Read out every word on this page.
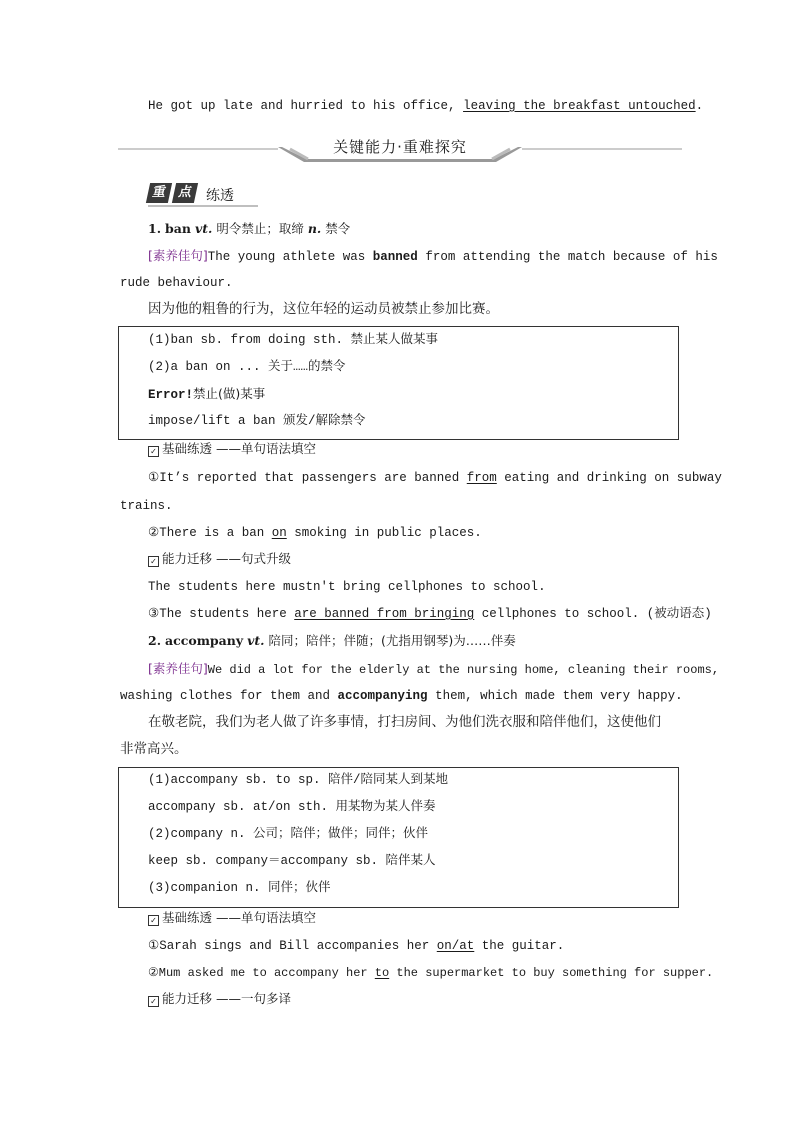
He got up late and hurried to his office, leaving the breakfast untouched.
关键能力·重难探究
重 点 练透
1. ban vt. 明令禁止；取缔 n. 禁令
[素养佳句]The young athlete was banned from attending the match because of his
rude behaviour.
因为他的粗鲁的行为，这位年轻的运动员被禁止参加比赛。
(1)ban sb. from doing sth. 禁止某人做某事
(2)a ban on ... 关于……的禁令
Error!禁止(做)某事
impose/lift a ban 颁发/解除禁令
✓ 基础练透 ——单句语法填空
①It’s reported that passengers are banned from eating and drinking on subway
trains.
②There is a ban on smoking in public places.
✓ 能力迁移 ——句式升级
The students here mustn't bring cellphones to school.
③The students here are banned from bringing cellphones to school. (被动语态)
2. accompany vt. 陪同；陪伴；伴随；(尤指用钢琴)为……伴奏
[素养佳句]We did a lot for the elderly at the nursing home, cleaning their rooms,
washing clothes for them and accompanying them, which made them very happy.
在敬老院，我们为老人做了许多事情，打扫房间、为他们洗衣服和陪伴他们，这使他们
非常高兴。
(1)accompany sb. to sp. 陪伴/陪同某人到某地
accompany sb. at/on sth. 用某物为某人伴奏
(2)company n. 公司；陪伴；做伴；同伴；伙伴
keep sb. company＝accompany sb. 陪伴某人
(3)companion n. 同伴；伙伴
✓ 基础练透 ——单句语法填空
①Sarah sings and Bill accompanies her on/at the guitar.
②Mum asked me to accompany her to the supermarket to buy something for supper.
✓ 能力迁移 ——一句多译
